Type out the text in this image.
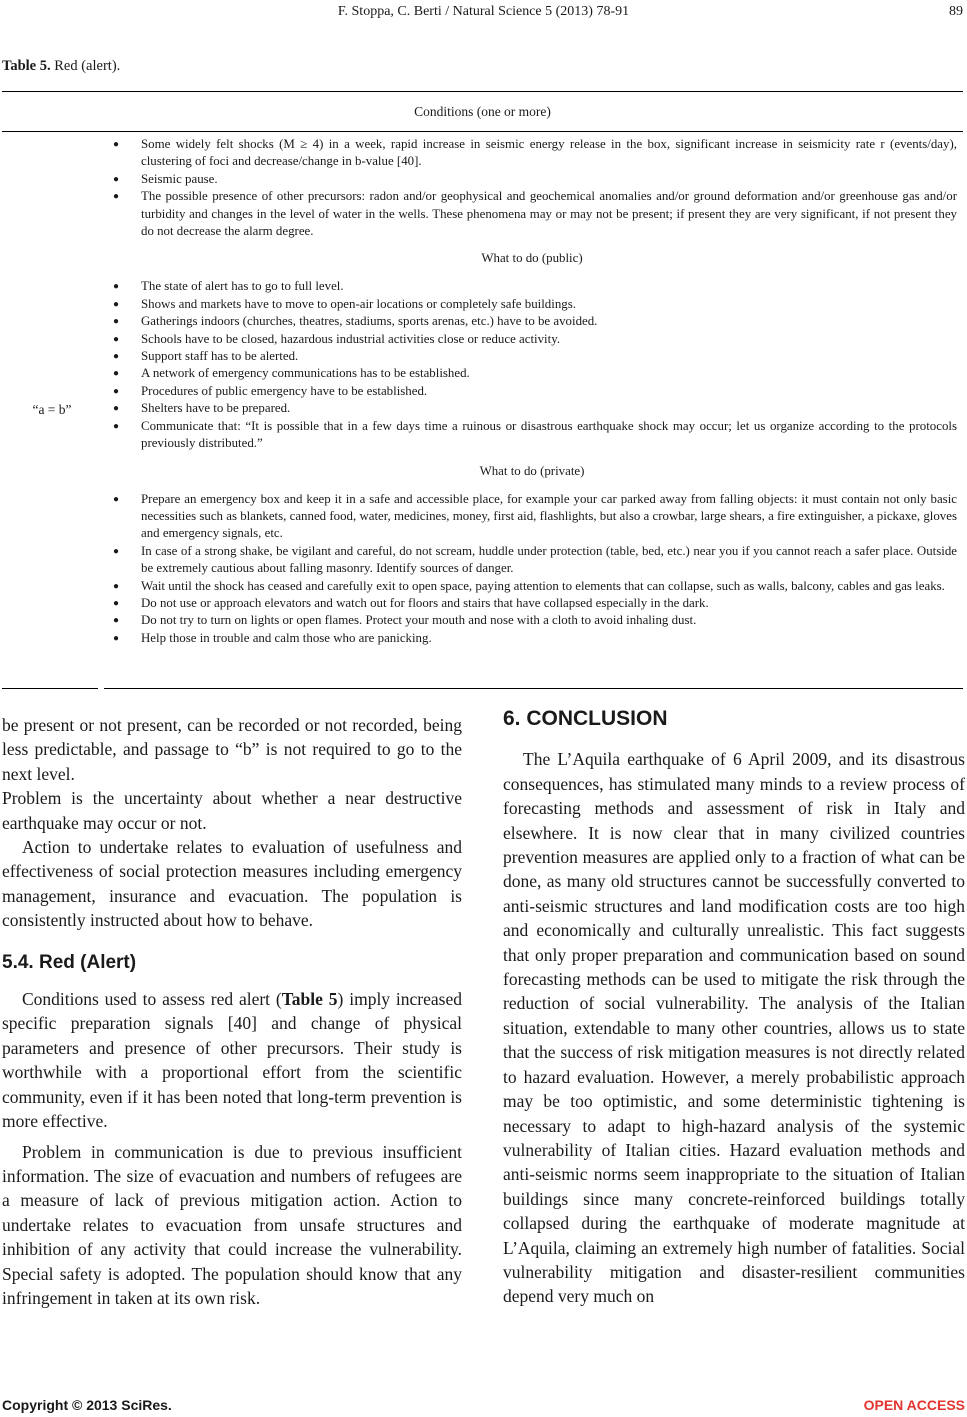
F. Stoppa, C. Berti / Natural Science 5 (2013) 78-91	89
Table 5. Red (alert).
Conditions (one or more)
“a = b”
● Some widely felt shocks (M ≥ 4) in a week, rapid increase in seismic energy release in the box, significant increase in seismicity rate r (events/day), clustering of foci and decrease/change in b-value [40].
● Seismic pause.
● The possible presence of other precursors: radon and/or geophysical and geochemical anomalies and/or ground deformation and/or greenhouse gas and/or turbidity and changes in the level of water in the wells. These phenomena may or may not be present; if present they are very significant, if not present they do not decrease the alarm degree.
What to do (public)
● The state of alert has to go to full level.
● Shows and markets have to move to open-air locations or completely safe buildings.
● Gatherings indoors (churches, theatres, stadiums, sports arenas, etc.) have to be avoided.
● Schools have to be closed, hazardous industrial activities close or reduce activity.
● Support staff has to be alerted.
● A network of emergency communications has to be established.
● Procedures of public emergency have to be established.
● Shelters have to be prepared.
● Communicate that: “It is possible that in a few days time a ruinous or disastrous earthquake shock may occur; let us organize according to the protocols previously distributed.”
What to do (private)
● Prepare an emergency box and keep it in a safe and accessible place, for example your car parked away from falling objects: it must contain not only basic necessities such as blankets, canned food, water, medicines, money, first aid, flashlights, but also a crowbar, large shears, a fire extinguisher, a pickaxe, gloves and emergency signals, etc.
● In case of a strong shake, be vigilant and careful, do not scream, huddle under protection (table, bed, etc.) near you if you cannot reach a safer place. Outside be extremely cautious about falling masonry. Identify sources of danger.
● Wait until the shock has ceased and carefully exit to open space, paying attention to elements that can collapse, such as walls, balcony, cables and gas leaks.
● Do not use or approach elevators and watch out for floors and stairs that have collapsed especially in the dark.
● Do not try to turn on lights or open flames. Protect your mouth and nose with a cloth to avoid inhaling dust.
● Help those in trouble and calm those who are panicking.

be present or not present, can be recorded or not recorded, being less predictable, and passage to “b” is not required to go to the next level.

Problem is the uncertainty about whether a near destructive earthquake may occur or not.

Action to undertake relates to evaluation of usefulness and effectiveness of social protection measures including emergency management, insurance and evacuation. The population is consistently instructed about how to behave.

5.4. Red (Alert)

Conditions used to assess red alert (Table 5) imply increased specific preparation signals [40] and change of physical parameters and presence of other precursors. Their study is worthwhile with a proportional effort from the scientific community, even if it has been noted that long-term prevention is more effective.

Problem in communication is due to previous insufficient information. The size of evacuation and numbers of refugees are a measure of lack of previous mitigation action. Action to undertake relates to evacuation from unsafe structures and inhibition of any activity that could increase the vulnerability. Special safety is adopted. The population should know that any infringement in taken at its own risk.

6. CONCLUSION

The L’Aquila earthquake of 6 April 2009, and its disastrous consequences, has stimulated many minds to a review process of forecasting methods and assessment of risk in Italy and elsewhere. It is now clear that in many civilized countries prevention measures are applied only to a fraction of what can be done, as many old structures cannot be successfully converted to anti-seismic structures and land modification costs are too high and economically and culturally unrealistic. This fact suggests that only proper preparation and communication based on sound forecasting methods can be used to mitigate the risk through the reduction of social vulnerability. The analysis of the Italian situation, extendable to many other countries, allows us to state that the success of risk mitigation measures is not directly related to hazard evaluation. However, a merely probabilistic approach may be too optimistic, and some deterministic tightening is necessary to adapt to high-hazard analysis of the systemic vulnerability of Italian cities. Hazard evaluation methods and anti-seismic norms seem inappropriate to the situation of Italian buildings since many concrete-reinforced buildings totally collapsed during the earthquake of moderate magnitude at L’Aquila, claiming an extremely high number of fatalities. Social vulnerability mitigation and disaster-resilient communities depend very much on

Copyright © 2013 SciRes.	OPEN ACCESS
